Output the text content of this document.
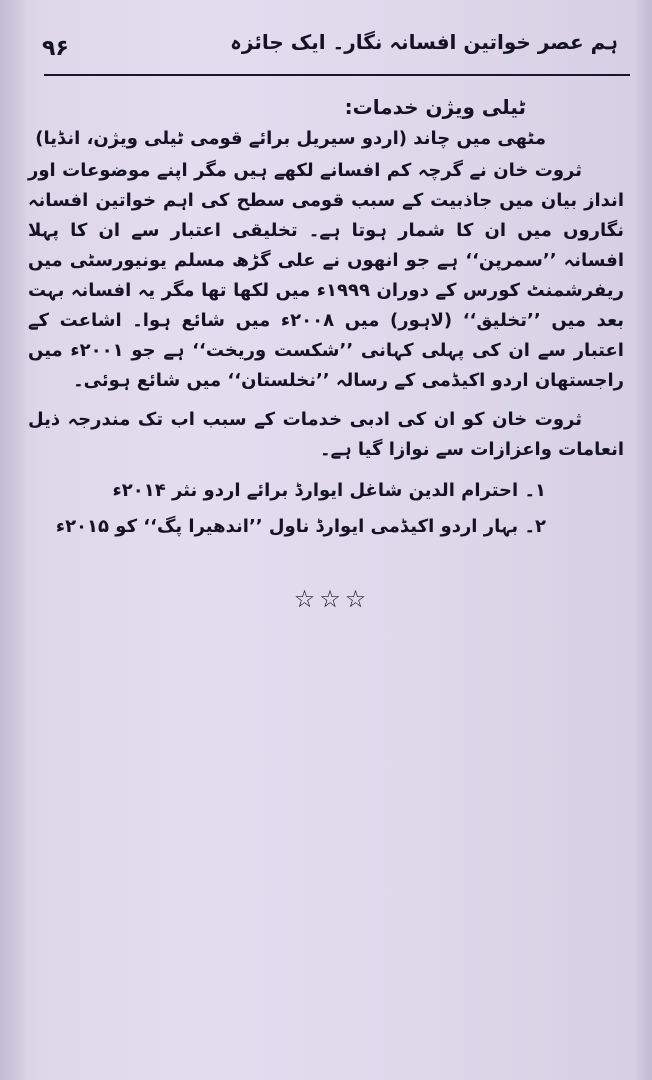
۹۶	ہم عصر خواتین افسانہ نگار۔ ایک جائزہ
ٹیلی ویژن خدمات:
مٹھی میں چاند (اردو سیریل برائے قومی ٹیلی ویژن، انڈیا)

ثروت خان نے گرچہ کم افسانے لکھے ہیں مگر اپنے موضوعات اور انداز بیان میں جاذبیت کے سبب قومی سطح کی اہم خواتین افسانہ نگاروں میں ان کا شمار ہوتا ہے۔ تخلیقی اعتبار سے ان کا پہلا افسانہ ’’سمرپن‘‘ ہے جو انھوں نے علی گڑھ مسلم یونیورسٹی میں ریفرشمنٹ کورس کے دوران ۱۹۹۹ء میں لکھا تھا مگر یہ افسانہ بہت بعد میں ’’تخلیق‘‘ (لاہور) میں ۲۰۰۸ء میں شائع ہوا۔ اشاعت کے اعتبار سے ان کی پہلی کہانی ’’شکست وریخت‘‘ ہے جو ۲۰۰۱ء میں راجستھان اردو اکیڈمی کے رسالہ ’’نخلستان‘‘ میں شائع ہوئی۔

ثروت خان کو ان کی ادبی خدمات کے سبب اب تک مندرجہ ذیل انعامات واعزازات سے نوازا گیا ہے۔

۱۔ احترام الدین شاغل ایوارڈ برائے اردو نثر ۲۰۱۴ء
۲۔ بہار اردو اکیڈمی ایوارڈ ناول ’’اندھیرا پگ‘‘ کو ۲۰۱۵ء
☆☆☆
